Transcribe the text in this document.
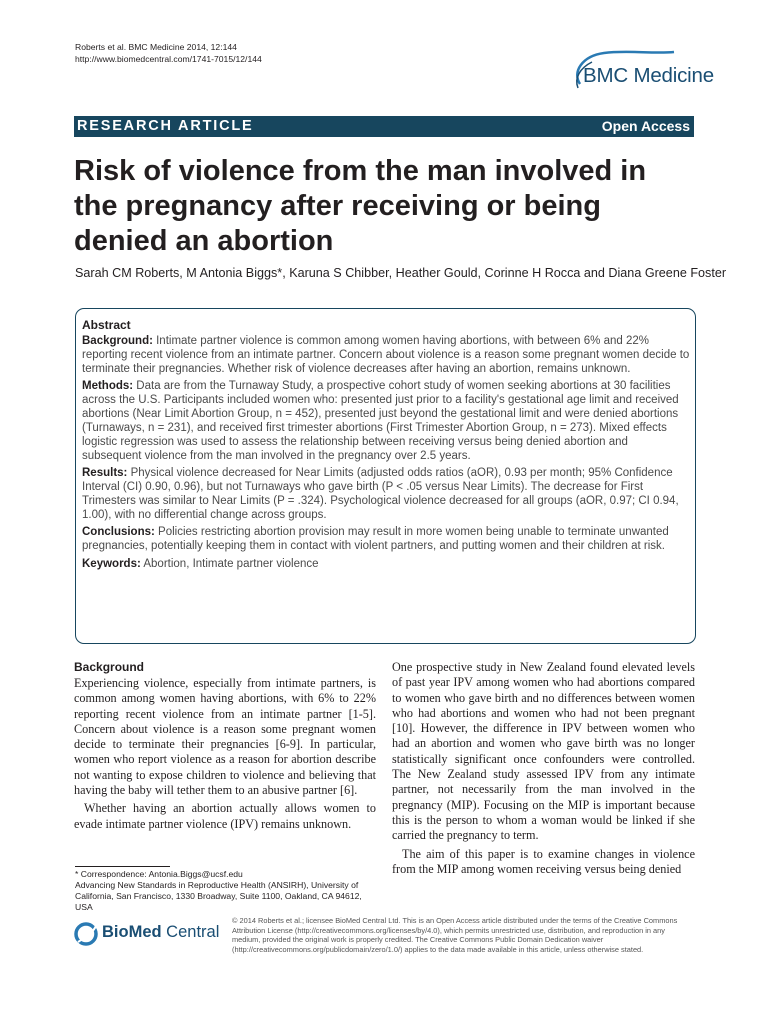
Roberts et al. BMC Medicine 2014, 12:144
http://www.biomedcentral.com/1741-7015/12/144
BMC Medicine
RESEARCH ARTICLE	Open Access
Risk of violence from the man involved in the pregnancy after receiving or being denied an abortion
Sarah CM Roberts, M Antonia Biggs*, Karuna S Chibber, Heather Gould, Corinne H Rocca and Diana Greene Foster
Abstract

Background: Intimate partner violence is common among women having abortions, with between 6% and 22% reporting recent violence from an intimate partner. Concern about violence is a reason some pregnant women decide to terminate their pregnancies. Whether risk of violence decreases after having an abortion, remains unknown.

Methods: Data are from the Turnaway Study, a prospective cohort study of women seeking abortions at 30 facilities across the U.S. Participants included women who: presented just prior to a facility's gestational age limit and received abortions (Near Limit Abortion Group, n = 452), presented just beyond the gestational limit and were denied abortions (Turnaways, n = 231), and received first trimester abortions (First Trimester Abortion Group, n = 273). Mixed effects logistic regression was used to assess the relationship between receiving versus being denied abortion and subsequent violence from the man involved in the pregnancy over 2.5 years.

Results: Physical violence decreased for Near Limits (adjusted odds ratios (aOR), 0.93 per month; 95% Confidence Interval (CI) 0.90, 0.96), but not Turnaways who gave birth (P < .05 versus Near Limits). The decrease for First Trimesters was similar to Near Limits (P = .324). Psychological violence decreased for all groups (aOR, 0.97; CI 0.94, 1.00), with no differential change across groups.

Conclusions: Policies restricting abortion provision may result in more women being unable to terminate unwanted pregnancies, potentially keeping them in contact with violent partners, and putting women and their children at risk.

Keywords: Abortion, Intimate partner violence

Background

Experiencing violence, especially from intimate partners, is common among women having abortions, with 6% to 22% reporting recent violence from an intimate partner [1-5]. Concern about violence is a reason some pregnant women decide to terminate their pregnancies [6-9]. In particular, women who report violence as a reason for abortion describe not wanting to expose children to violence and believing that having the baby will tether them to an abusive partner [6].

Whether having an abortion actually allows women to evade intimate partner violence (IPV) remains unknown.

One prospective study in New Zealand found elevated levels of past year IPV among women who had abortions compared to women who gave birth and no differences between women who had abortions and women who had not been pregnant [10]. However, the difference in IPV between women who had an abortion and women who gave birth was no longer statistically significant once confounders were controlled. The New Zealand study assessed IPV from any intimate partner, not necessarily from the man involved in the pregnancy (MIP). Focusing on the MIP is important because this is the person to whom a woman would be linked if she carried the pregnancy to term.

The aim of this paper is to examine changes in violence from the MIP among women receiving versus being denied

* Correspondence: Antonia.Biggs@ucsf.edu
Advancing New Standards in Reproductive Health (ANSIRH), University of California, San Francisco, 1330 Broadway, Suite 1100, Oakland, CA 94612, USA
BioMed Central
© 2014 Roberts et al.; licensee BioMed Central Ltd. This is an Open Access article distributed under the terms of the Creative Commons Attribution License (http://creativecommons.org/licenses/by/4.0), which permits unrestricted use, distribution, and reproduction in any medium, provided the original work is properly credited. The Creative Commons Public Domain Dedication waiver (http://creativecommons.org/publicdomain/zero/1.0/) applies to the data made available in this article, unless otherwise stated.
